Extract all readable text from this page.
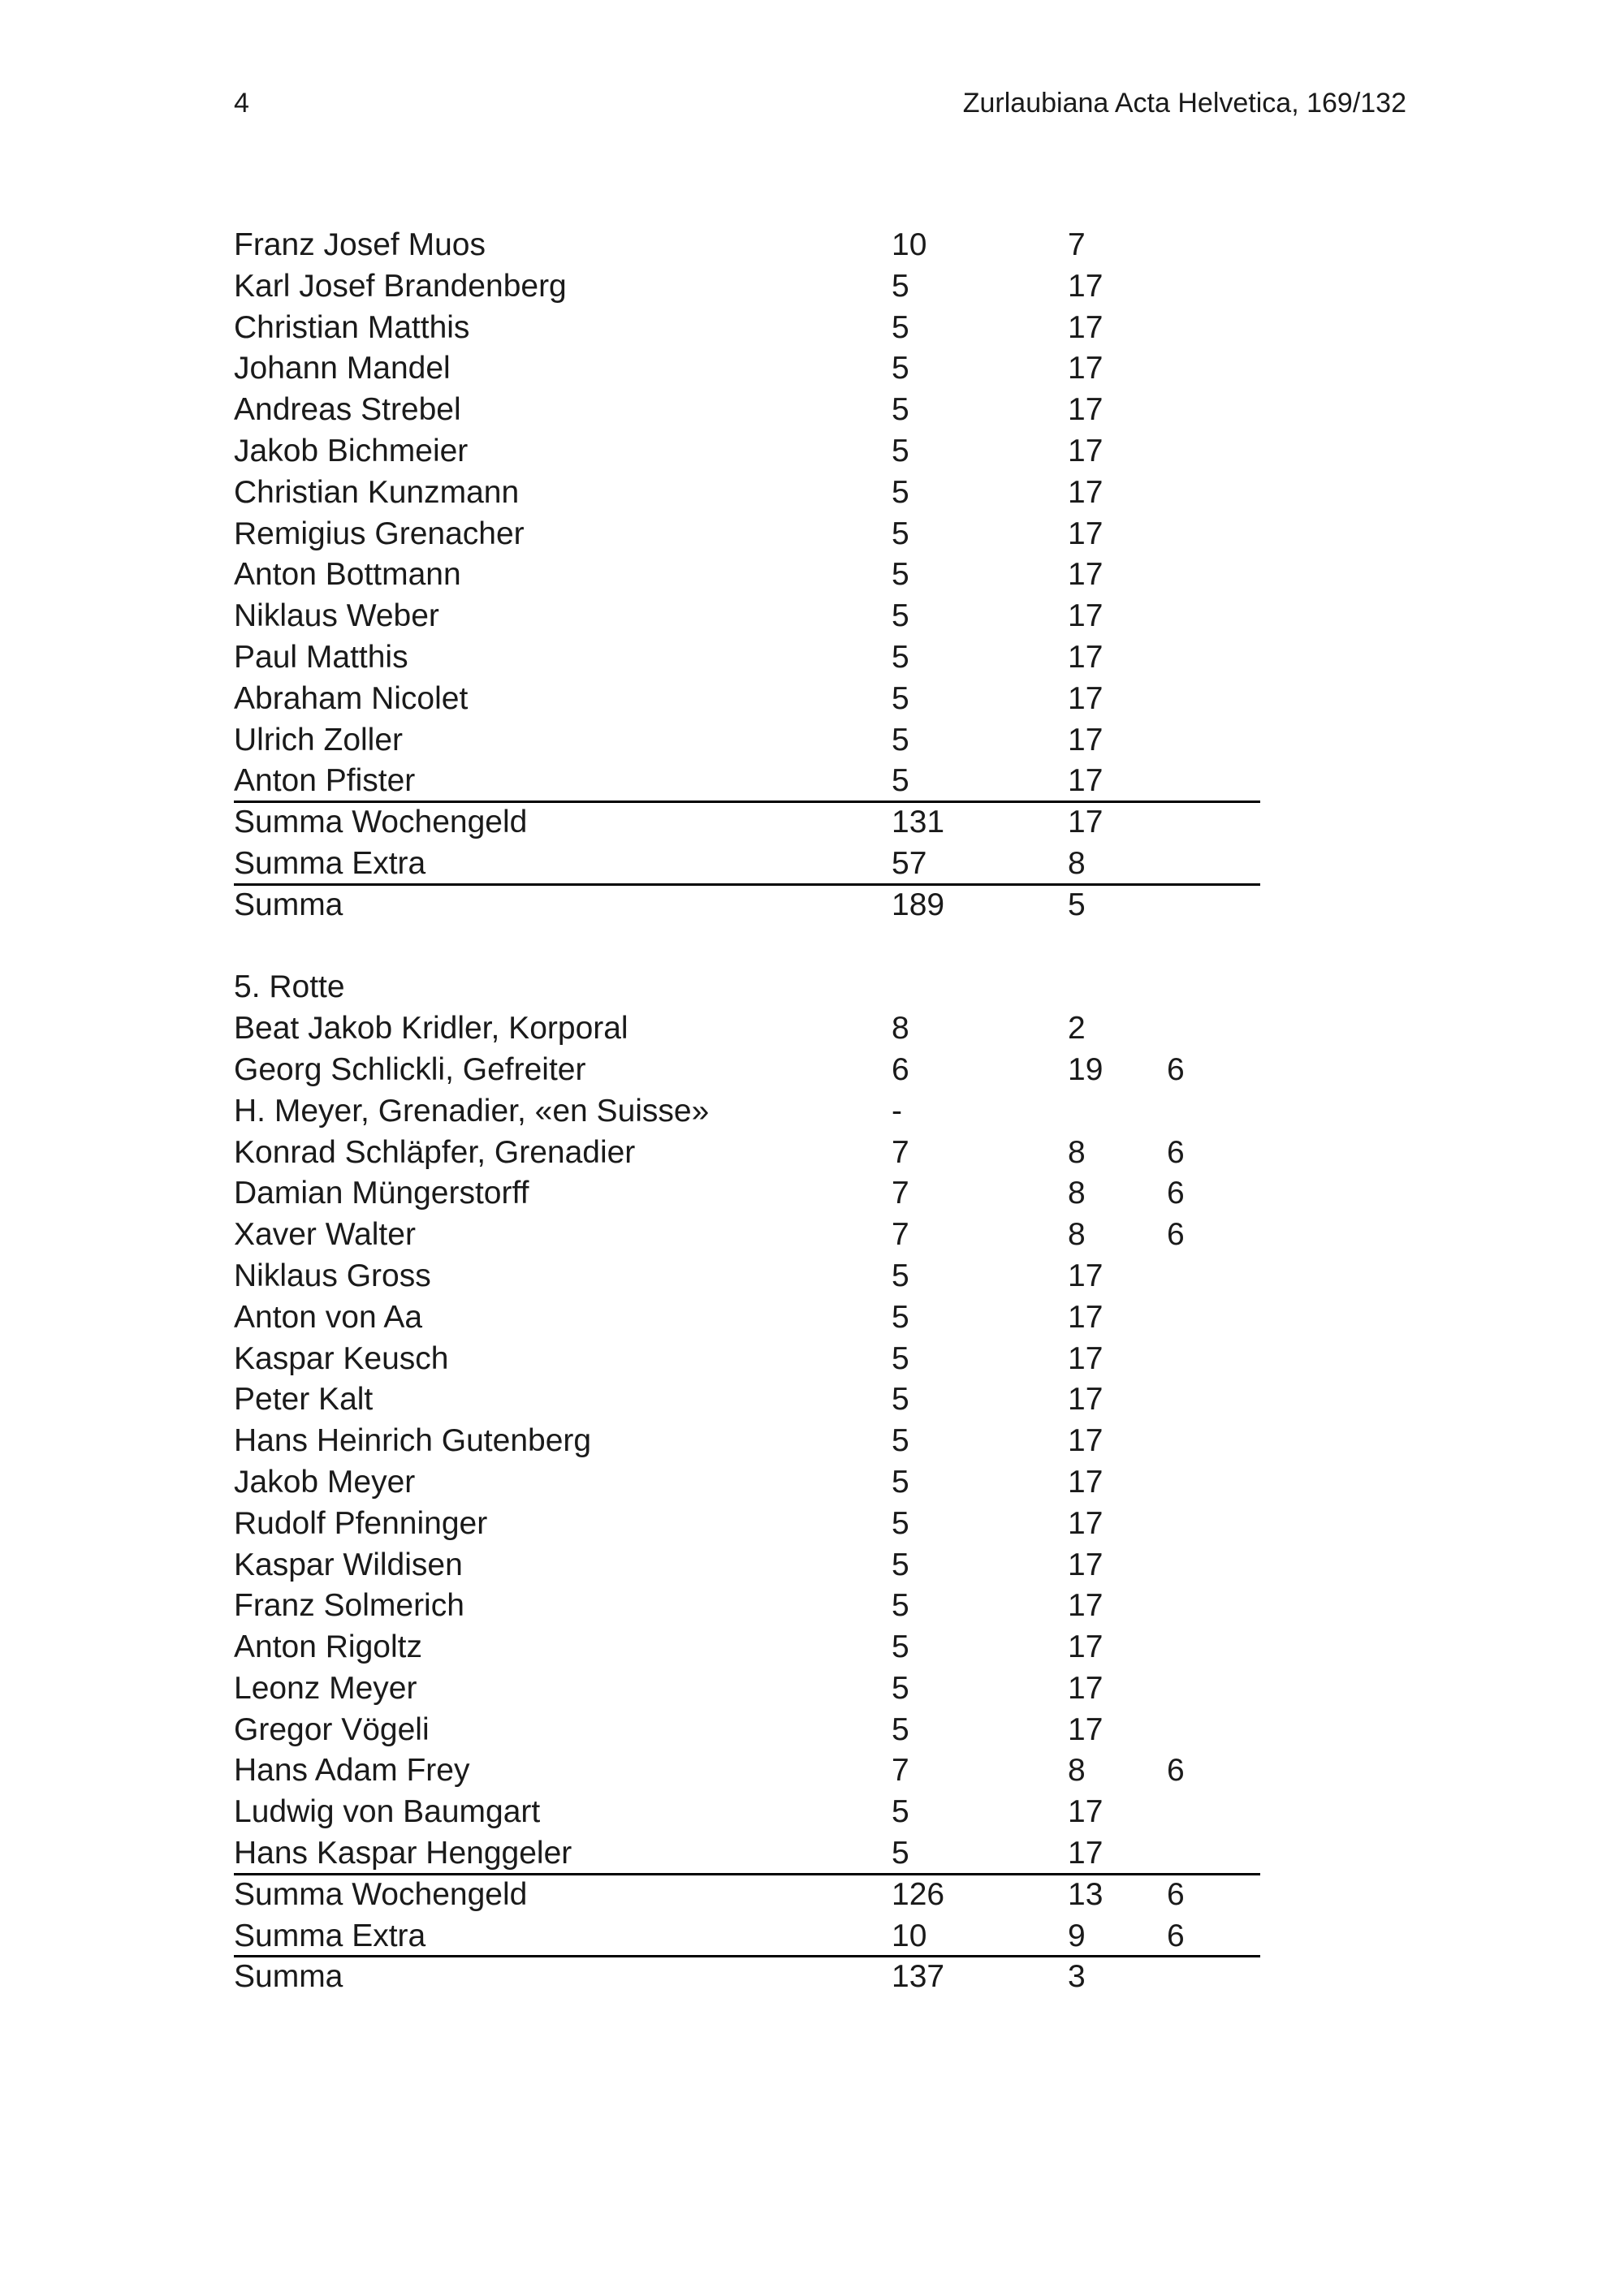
4	Zurlaubiana Acta Helvetica, 169/132
Franz Josef Muos	10	7
Karl Josef Brandenberg	5	17
Christian Matthis	5	17
Johann Mandel	5	17
Andreas Strebel	5	17
Jakob Bichmeier	5	17
Christian Kunzmann	5	17
Remigius Grenacher	5	17
Anton Bottmann	5	17
Niklaus Weber	5	17
Paul Matthis	5	17
Abraham Nicolet	5	17
Ulrich Zoller	5	17
Anton Pfister	5	17
Summa Wochengeld	131	17
Summa Extra	57	8
Summa	189	5
5. Rotte
Beat Jakob Kridler, Korporal	8	2
Georg Schlickli, Gefreiter	6	19	6
H. Meyer, Grenadier, «en Suisse»	-
Konrad Schläpfer, Grenadier	7	8	6
Damian Müngerstorff	7	8	6
Xaver Walter	7	8	6
Niklaus Gross	5	17
Anton von Aa	5	17
Kaspar Keusch	5	17
Peter Kalt	5	17
Hans Heinrich Gutenberg	5	17
Jakob Meyer	5	17
Rudolf Pfenninger	5	17
Kaspar Wildisen	5	17
Franz Solmerich	5	17
Anton Rigoltz	5	17
Leonz Meyer	5	17
Gregor Vögeli	5	17
Hans Adam Frey	7	8	6
Ludwig von Baumgart	5	17
Hans Kaspar Henggeler	5	17
Summa Wochengeld	126	13	6
Summa Extra	10	9	6
Summa	137	3
